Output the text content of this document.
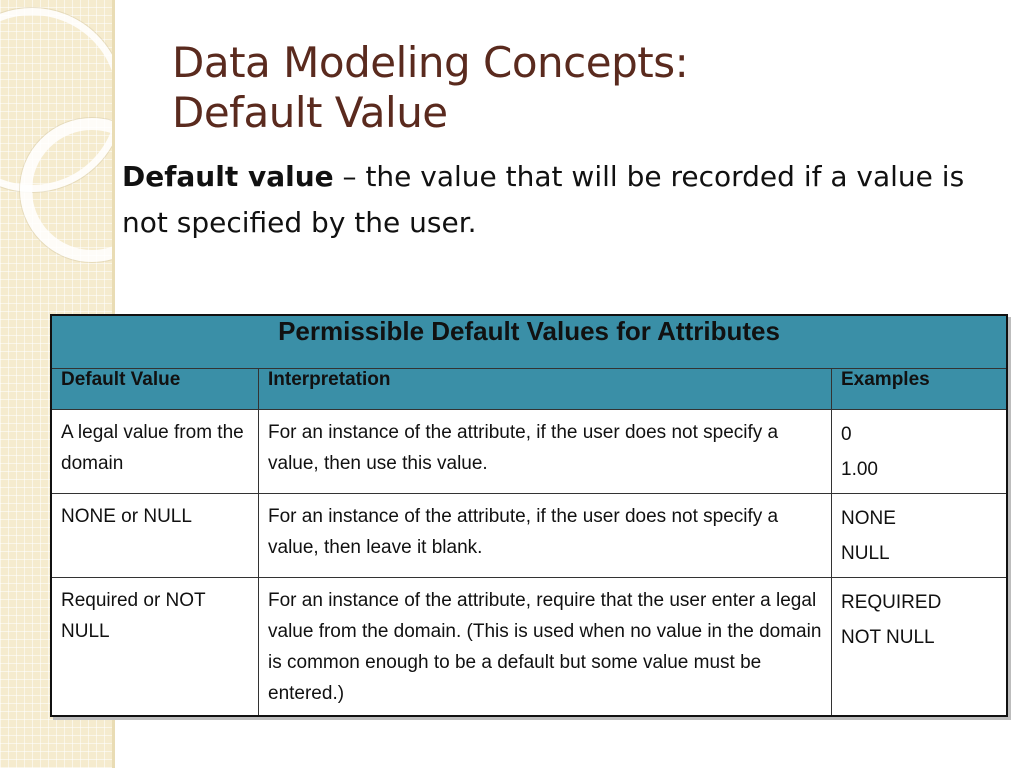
Data Modeling Concepts:
Default Value

Default value – the value that will be recorded if a value is not specified by the user.

Permissible Default Values for Attributes		
Default Value	Interpretation	Examples
A legal value from the domain	For an instance of the attribute, if the user does not specify a value, then use this value.	0
1.00

NONE or NULL	For an instance of the attribute, if the user does not specify a value, then leave it blank.	NONE
NULL

Required or NOT NULL	For an instance of the attribute, require that the user enter a legal value from the domain. (This is used when no value in the domain is common enough to be a default but some value must be entered.)	REQUIRED
NOT NULL
